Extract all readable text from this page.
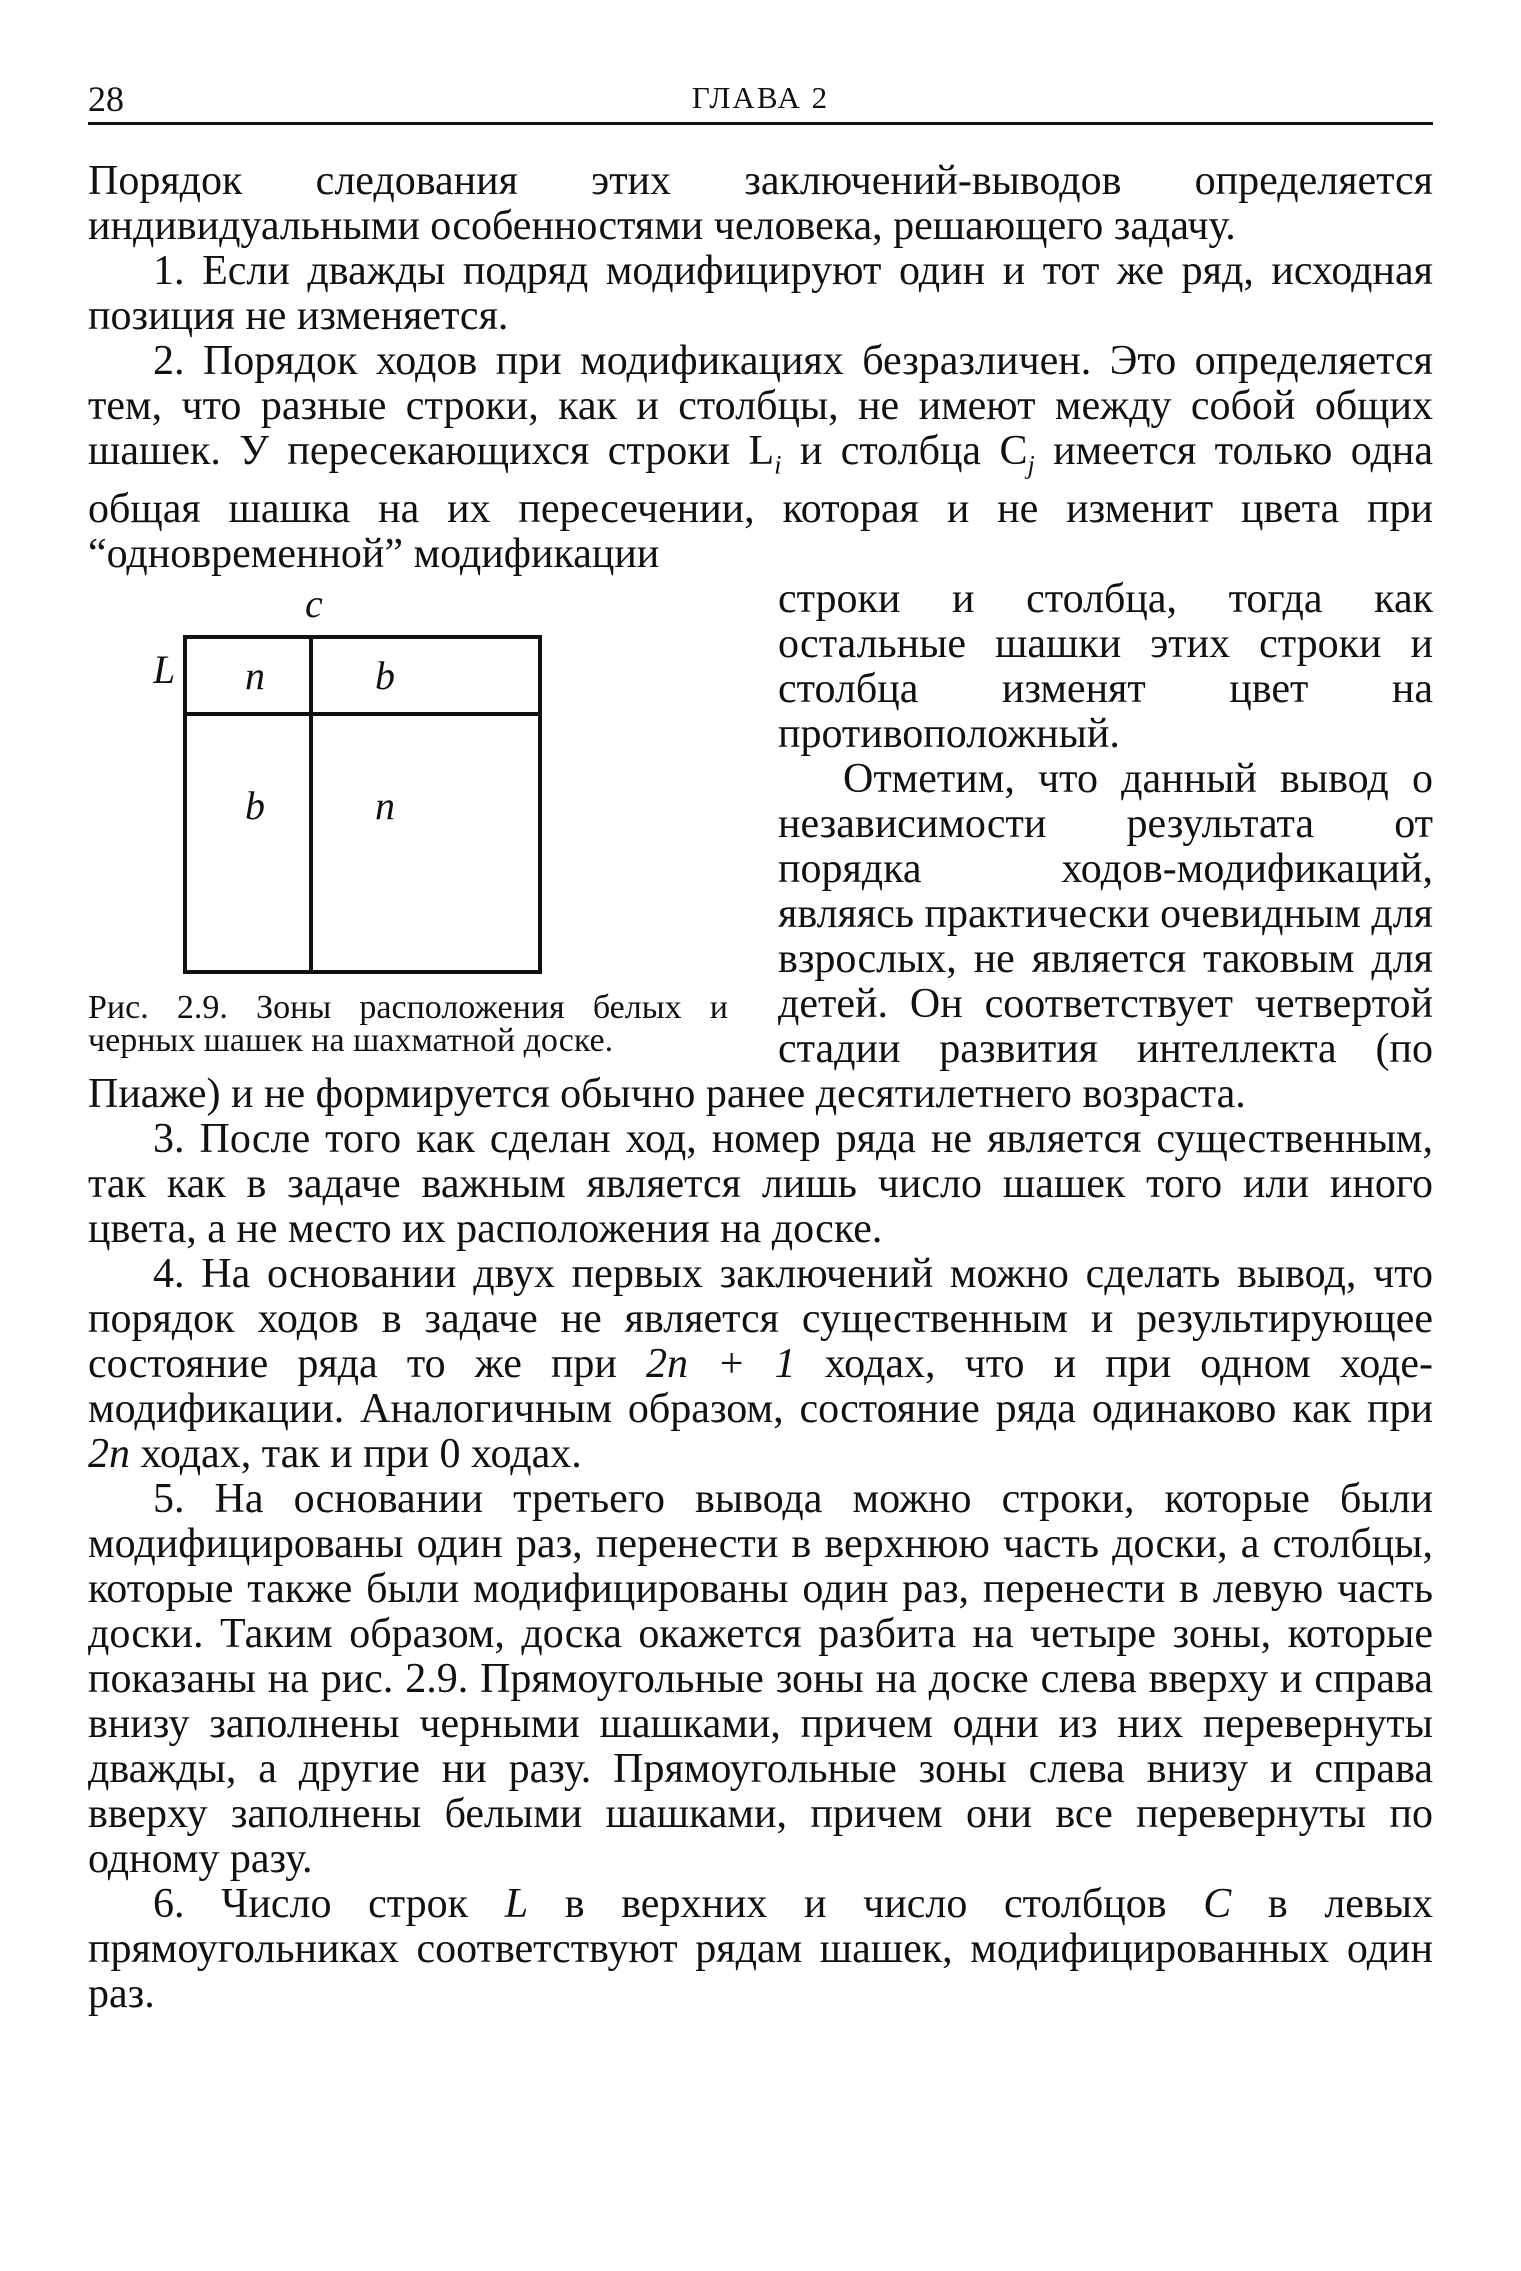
28	ГЛАВА 2

Порядок следования этих заключений-выводов определяется индивидуальными особенностями человека, решающего задачу.

1. Если дважды подряд модифицируют один и тот же ряд, исходная позиция не изменяется.

2. Порядок ходов при модификациях безразличен. Это определяется тем, что разные строки, как и столбцы, не имеют между собой общих шашек. У пересекающихся строки $L_i$ и столбца $C_j$ имеется только одна общая шашка на их пересечении, которая и не изменит цвета при “одновременной” модификации

c
L n	b
b	n
Рис. 2.9. Зоны расположения белых и черных шашек на шахматной доске.

строки и столбца, тогда как остальные шашки этих строки и столбца изменят цвет на противоположный.

Отметим, что данный вывод о независимости результата от порядка ходов-модификаций, являясь практически очевидным для взрослых, не является таковым для детей. Он соответствует четвертой стадии развития интеллекта (по Пиаже) и не формируется обычно ранее десятилетнего возраста.

3. После того как сделан ход, номер ряда не является существенным, так как в задаче важным является лишь число шашек того или иного цвета, а не место их расположения на доске.

4. На основании двух первых заключений можно сделать вывод, что порядок ходов в задаче не является существенным и результирующее состояние ряда то же при 2n + 1 ходах, что и при одном ходе-модификации. Аналогичным образом, состояние ряда одинаково как при 2n ходах, так и при 0 ходах.

5. На основании третьего вывода можно строки, которые были модифицированы один раз, перенести в верхнюю часть доски, а столбцы, которые также были модифицированы один раз, перенести в левую часть доски. Таким образом, доска окажется разбита на четыре зоны, которые показаны на рис. 2.9. Прямоугольные зоны на доске слева вверху и справа внизу заполнены черными шашками, причем одни из них перевернуты дважды, а другие ни разу. Прямоугольные зоны слева внизу и справа вверху заполнены белыми шашками, причем они все перевернуты по одному разу.

6. Число строк L в верхних и число столбцов C в левых прямоугольниках соответствуют рядам шашек, модифицированных один раз.
